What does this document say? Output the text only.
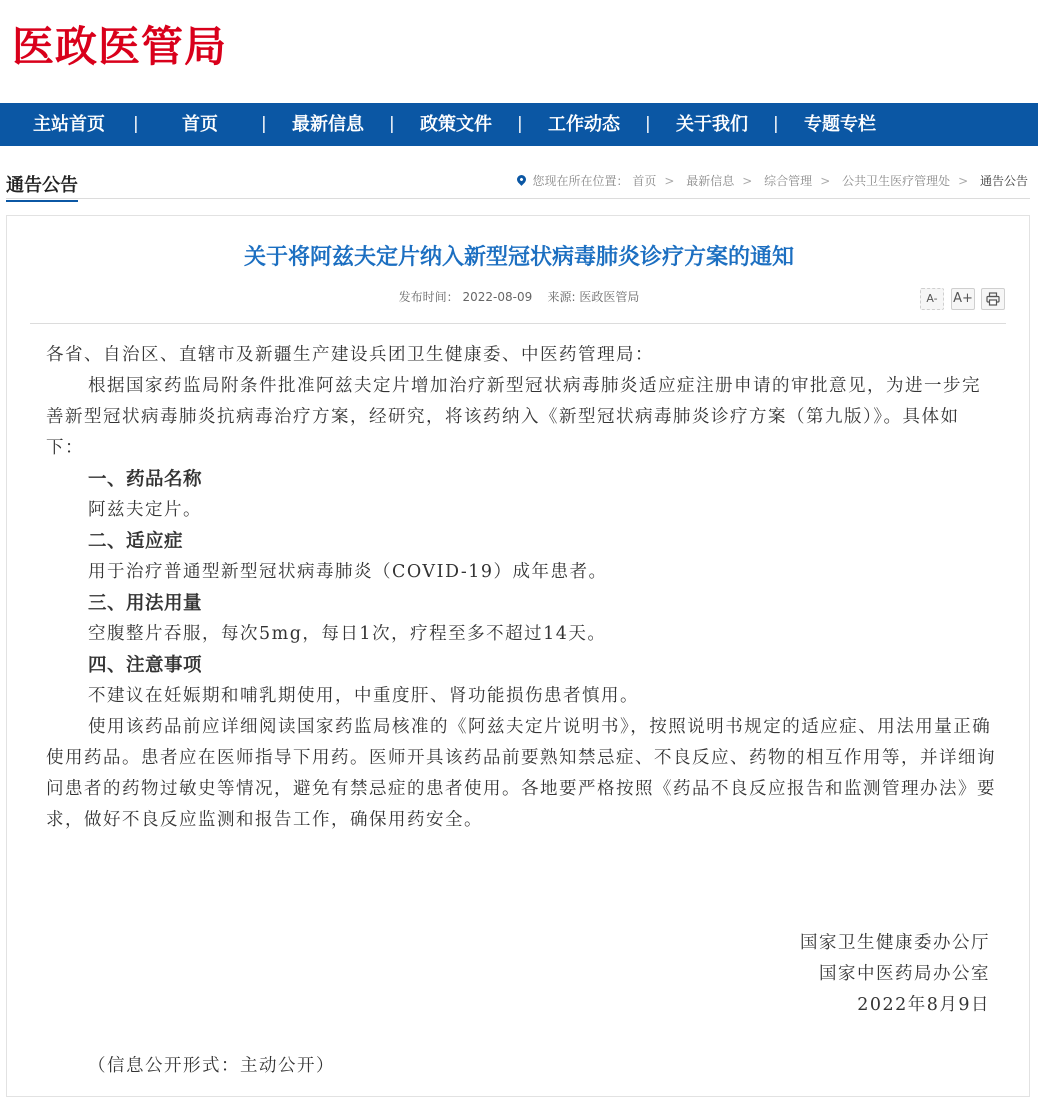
医政医管局
主站首页 | 首页	| 最新信息 | 政策文件 | 工作动态 | 关于我们 | 专题专栏
通告公告	您现在所在位置： 首页 > 最新信息 > 综合管理 > 公共卫生医疗管理处 > 通告公告
关于将阿兹夫定片纳入新型冠状病毒肺炎诊疗方案的通知
发布时间： 2022-08-09 来源: 医政医管局	A-	A+

各省、自治区、直辖市及新疆生产建设兵团卫生健康委、中医药管理局：

根据国家药监局附条件批准阿兹夫定片增加治疗新型冠状病毒肺炎适应症注册申请的审批意见，为进一步完善新型冠状病毒肺炎抗病毒治疗方案，经研究，将该药纳入《新型冠状病毒肺炎诊疗方案（第九版）》。具体如下：

一、药品名称

阿兹夫定片。

二、适应症

用于治疗普通型新型冠状病毒肺炎（COVID-19）成年患者。

三、用法用量

空腹整片吞服，每次5mg，每日1次，疗程至多不超过14天。

四、注意事项

不建议在妊娠期和哺乳期使用，中重度肝、肾功能损伤患者慎用。

使用该药品前应详细阅读国家药监局核准的《阿兹夫定片说明书》，按照说明书规定的适应症、用法用量正确使用药品。患者应在医师指导下用药。医师开具该药品前要熟知禁忌症、不良反应、药物的相互作用等，并详细询问患者的药物过敏史等情况，避免有禁忌症的患者使用。各地要严格按照《药品不良反应报告和监测管理办法》要求，做好不良反应监测和报告工作，确保用药安全。

国家卫生健康委办公厅
国家中医药局办公室
2022年8月9日
（信息公开形式：主动公开）
